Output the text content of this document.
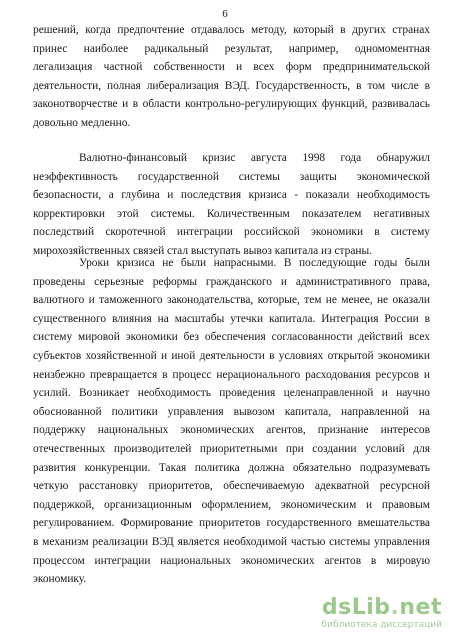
6
решений, когда предпочтение отдавалось методу, который в других странах
принес наиболее радикальный результат, например, одномоментная
легализация частной собственности и всех форм предпринимательской
деятельности, полная либерализация ВЭД. Государственность, в том числе в
законотворчестве и в области контрольно-регулирующих функций, развивалась
довольно медленно.
Валютно-финансовый кризис августа 1998 года обнаружил
неэффективность государственной системы защиты экономической
безопасности, а глубина и последствия кризиса - показали необходимость
корректировки этой системы. Количественным показателем негативных
последствий скоротечной интеграции российской экономики в систему
мирохозяйственных связей стал выступать вывоз капитала из страны.
Уроки кризиса не были напрасными. В последующие годы были
проведены серьезные реформы гражданского и административного права,
валютного и таможенного законодательства, которые, тем не менее, не оказали
существенного влияния на масштабы утечки капитала. Интеграция России в
систему мировой экономики без обеспечения согласованности действий всех
субъектов хозяйственной и иной деятельности в условиях открытой экономики
неизбежно превращается в процесс нерационального расходования ресурсов и
усилий. Возникает необходимость проведения целенаправленной и научно
обоснованной политики управления вывозом капитала, направленной на
поддержку национальных экономических агентов, признание интересов
отечественных производителей приоритетными при создании условий для
развития конкуренции. Такая политика должна обязательно подразумевать
четкую расстановку приоритетов, обеспечиваемую адекватной ресурсной
поддержкой, организационным оформлением, экономическим и правовым
регулированием. Формирование приоритетов государственного вмешательства
в механизм реализации ВЭД является необходимой частью системы управления
процессом интеграции национальных экономических агентов в мировую
экономику.
dsLib.net
библиотека диссертаций
